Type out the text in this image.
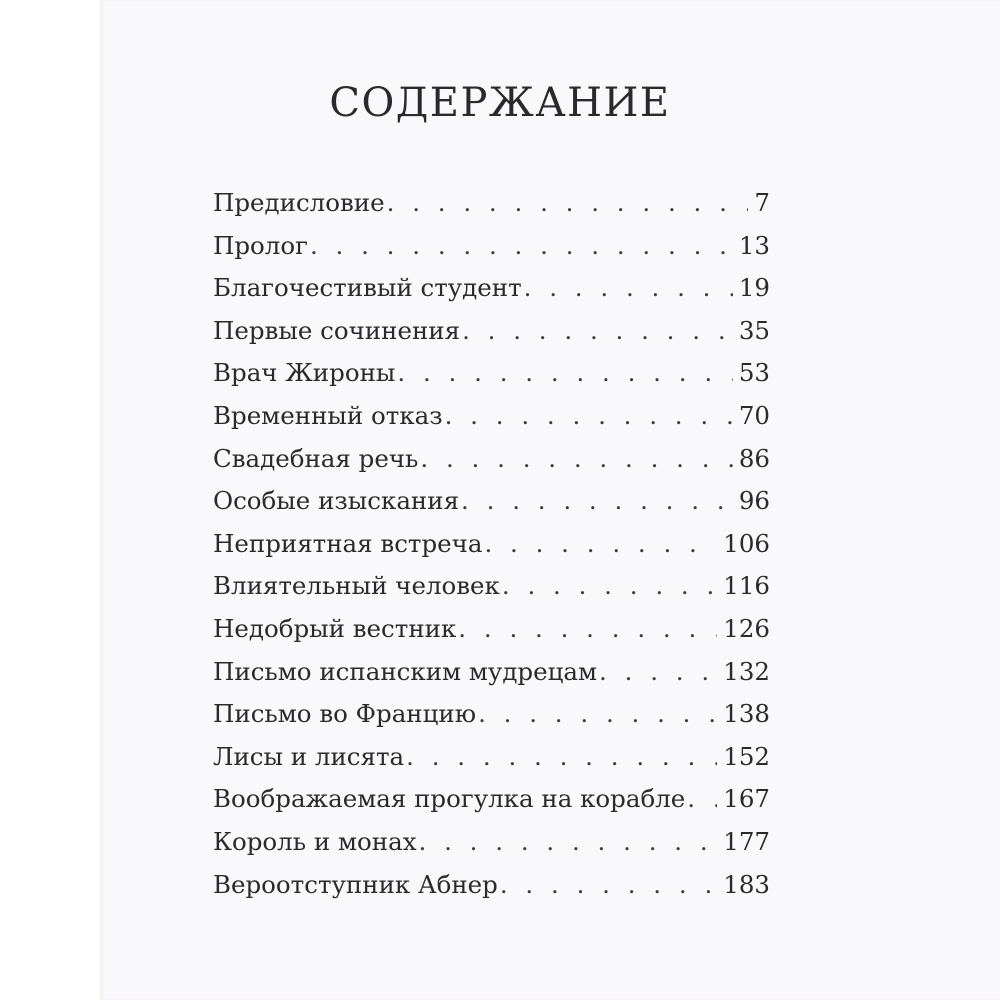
СОДЕРЖАНИЕ
Предисловие . . .	7
Пролог . . .	13
Благочестивый студент . . .	19
Первые сочинения . . .	35
Врач Жироны . . .	53
Временный отказ . . .	70
Свадебная речь . . .	86
Особые изыскания . . .	96
Неприятная встреча . . .	106
Влиятельный человек . . .	116
Недобрый вестник . . .	126
Письмо испанским мудрецам . . .	132
Письмо во Францию . . .	138
Лисы и лисята . . .	152
Воображаемая прогулка на корабле . . . 167
Король и монах . . .	177
Вероотступник Абнер . . .	183
